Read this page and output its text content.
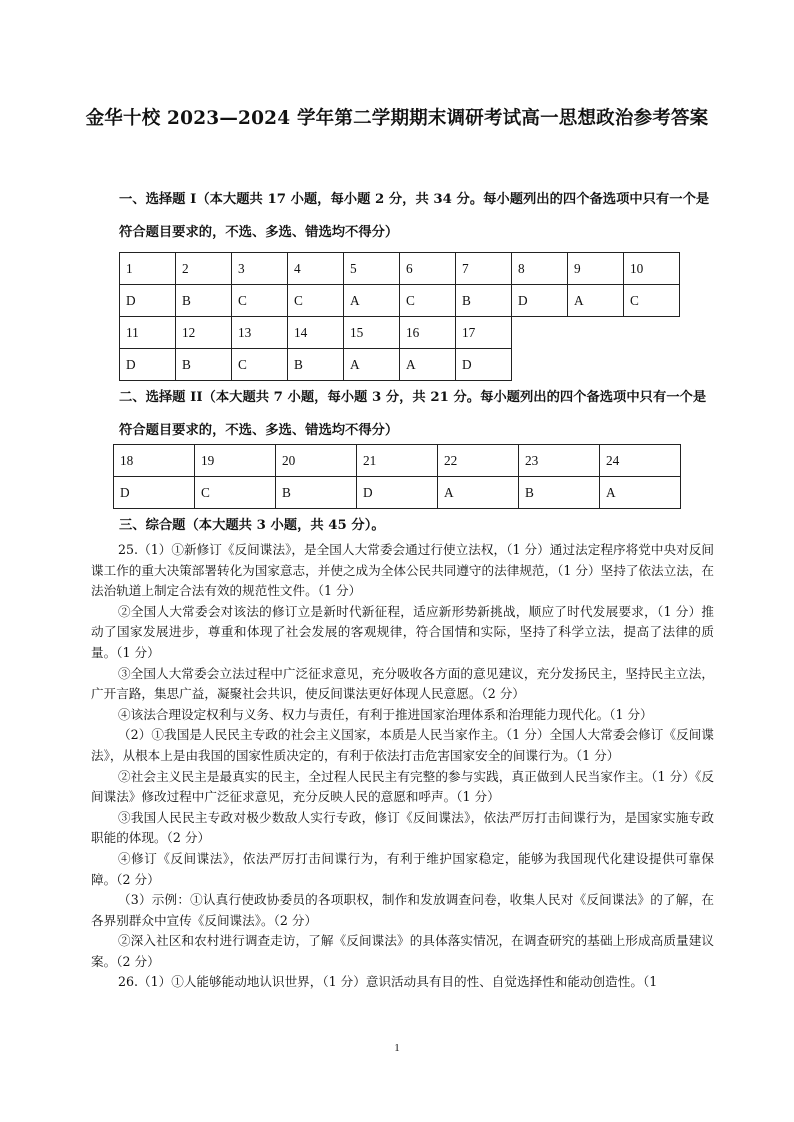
金华十校 2023—2024 学年第二学期期末调研考试高一思想政治参考答案
一、选择题 I（本大题共 17 小题，每小题 2 分，共 34 分。每小题列出的四个备选项中只有一个是
符合题目要求的，不选、多选、错选均不得分）
1	2	3	4	5	6	7	8	9	10
D	B	C	C	A	C	B	D	A	C
11	12	13	14	15	16	17			
D	B	C	B	A	A	D			
二、选择题 II（本大题共 7 小题，每小题 3 分，共 21 分。每小题列出的四个备选项中只有一个是
符合题目要求的，不选、多选、错选均不得分）
18	19	20	21	22	23	24
D	C	B	D	A	B	A
三、综合题（本大题共 3 小题，共 45 分）。

25.（1）①新修订《反间谍法》，是全国人大常委会通过行使立法权，（1 分）通过法定程序将党中央对反间谍工作的重大决策部署转化为国家意志，并使之成为全体公民共同遵守的法律规范，（1 分）坚持了依法立法，在法治轨道上制定合法有效的规范性文件。（1 分）

②全国人大常委会对该法的修订立是新时代新征程，适应新形势新挑战，顺应了时代发展要求，（1 分）推动了国家发展进步，尊重和体现了社会发展的客观规律，符合国情和实际，坚持了科学立法，提高了法律的质量。（1 分）

③全国人大常委会立法过程中广泛征求意见，充分吸收各方面的意见建议，充分发扬民主，坚持民主立法，广开言路，集思广益，凝聚社会共识，使反间谍法更好体现人民意愿。（2 分）

④该法合理设定权利与义务、权力与责任，有利于推进国家治理体系和治理能力现代化。（1 分）

（2）①我国是人民民主专政的社会主义国家，本质是人民当家作主。（1 分）全国人大常委会修订《反间谍法》，从根本上是由我国的国家性质决定的，有利于依法打击危害国家安全的间谍行为。（1 分）

②社会主义民主是最真实的民主，全过程人民民主有完整的参与实践，真正做到人民当家作主。（1 分）《反间谍法》修改过程中广泛征求意见，充分反映人民的意愿和呼声。（1 分）

③我国人民民主专政对极少数敌人实行专政，修订《反间谍法》，依法严厉打击间谍行为，是国家实施专政职能的体现。（2 分）

④修订《反间谍法》，依法严厉打击间谍行为，有利于维护国家稳定，能够为我国现代化建设提供可靠保障。（2 分）

（3）示例：①认真行使政协委员的各项职权，制作和发放调查问卷，收集人民对《反间谍法》的了解，在各界别群众中宣传《反间谍法》。（2 分）

②深入社区和农村进行调查走访，了解《反间谍法》的具体落实情况，在调查研究的基础上形成高质量建议案。（2 分）

26.（1）①人能够能动地认识世界，（1 分）意识活动具有目的性、自觉选择性和能动创造性。（1

1
